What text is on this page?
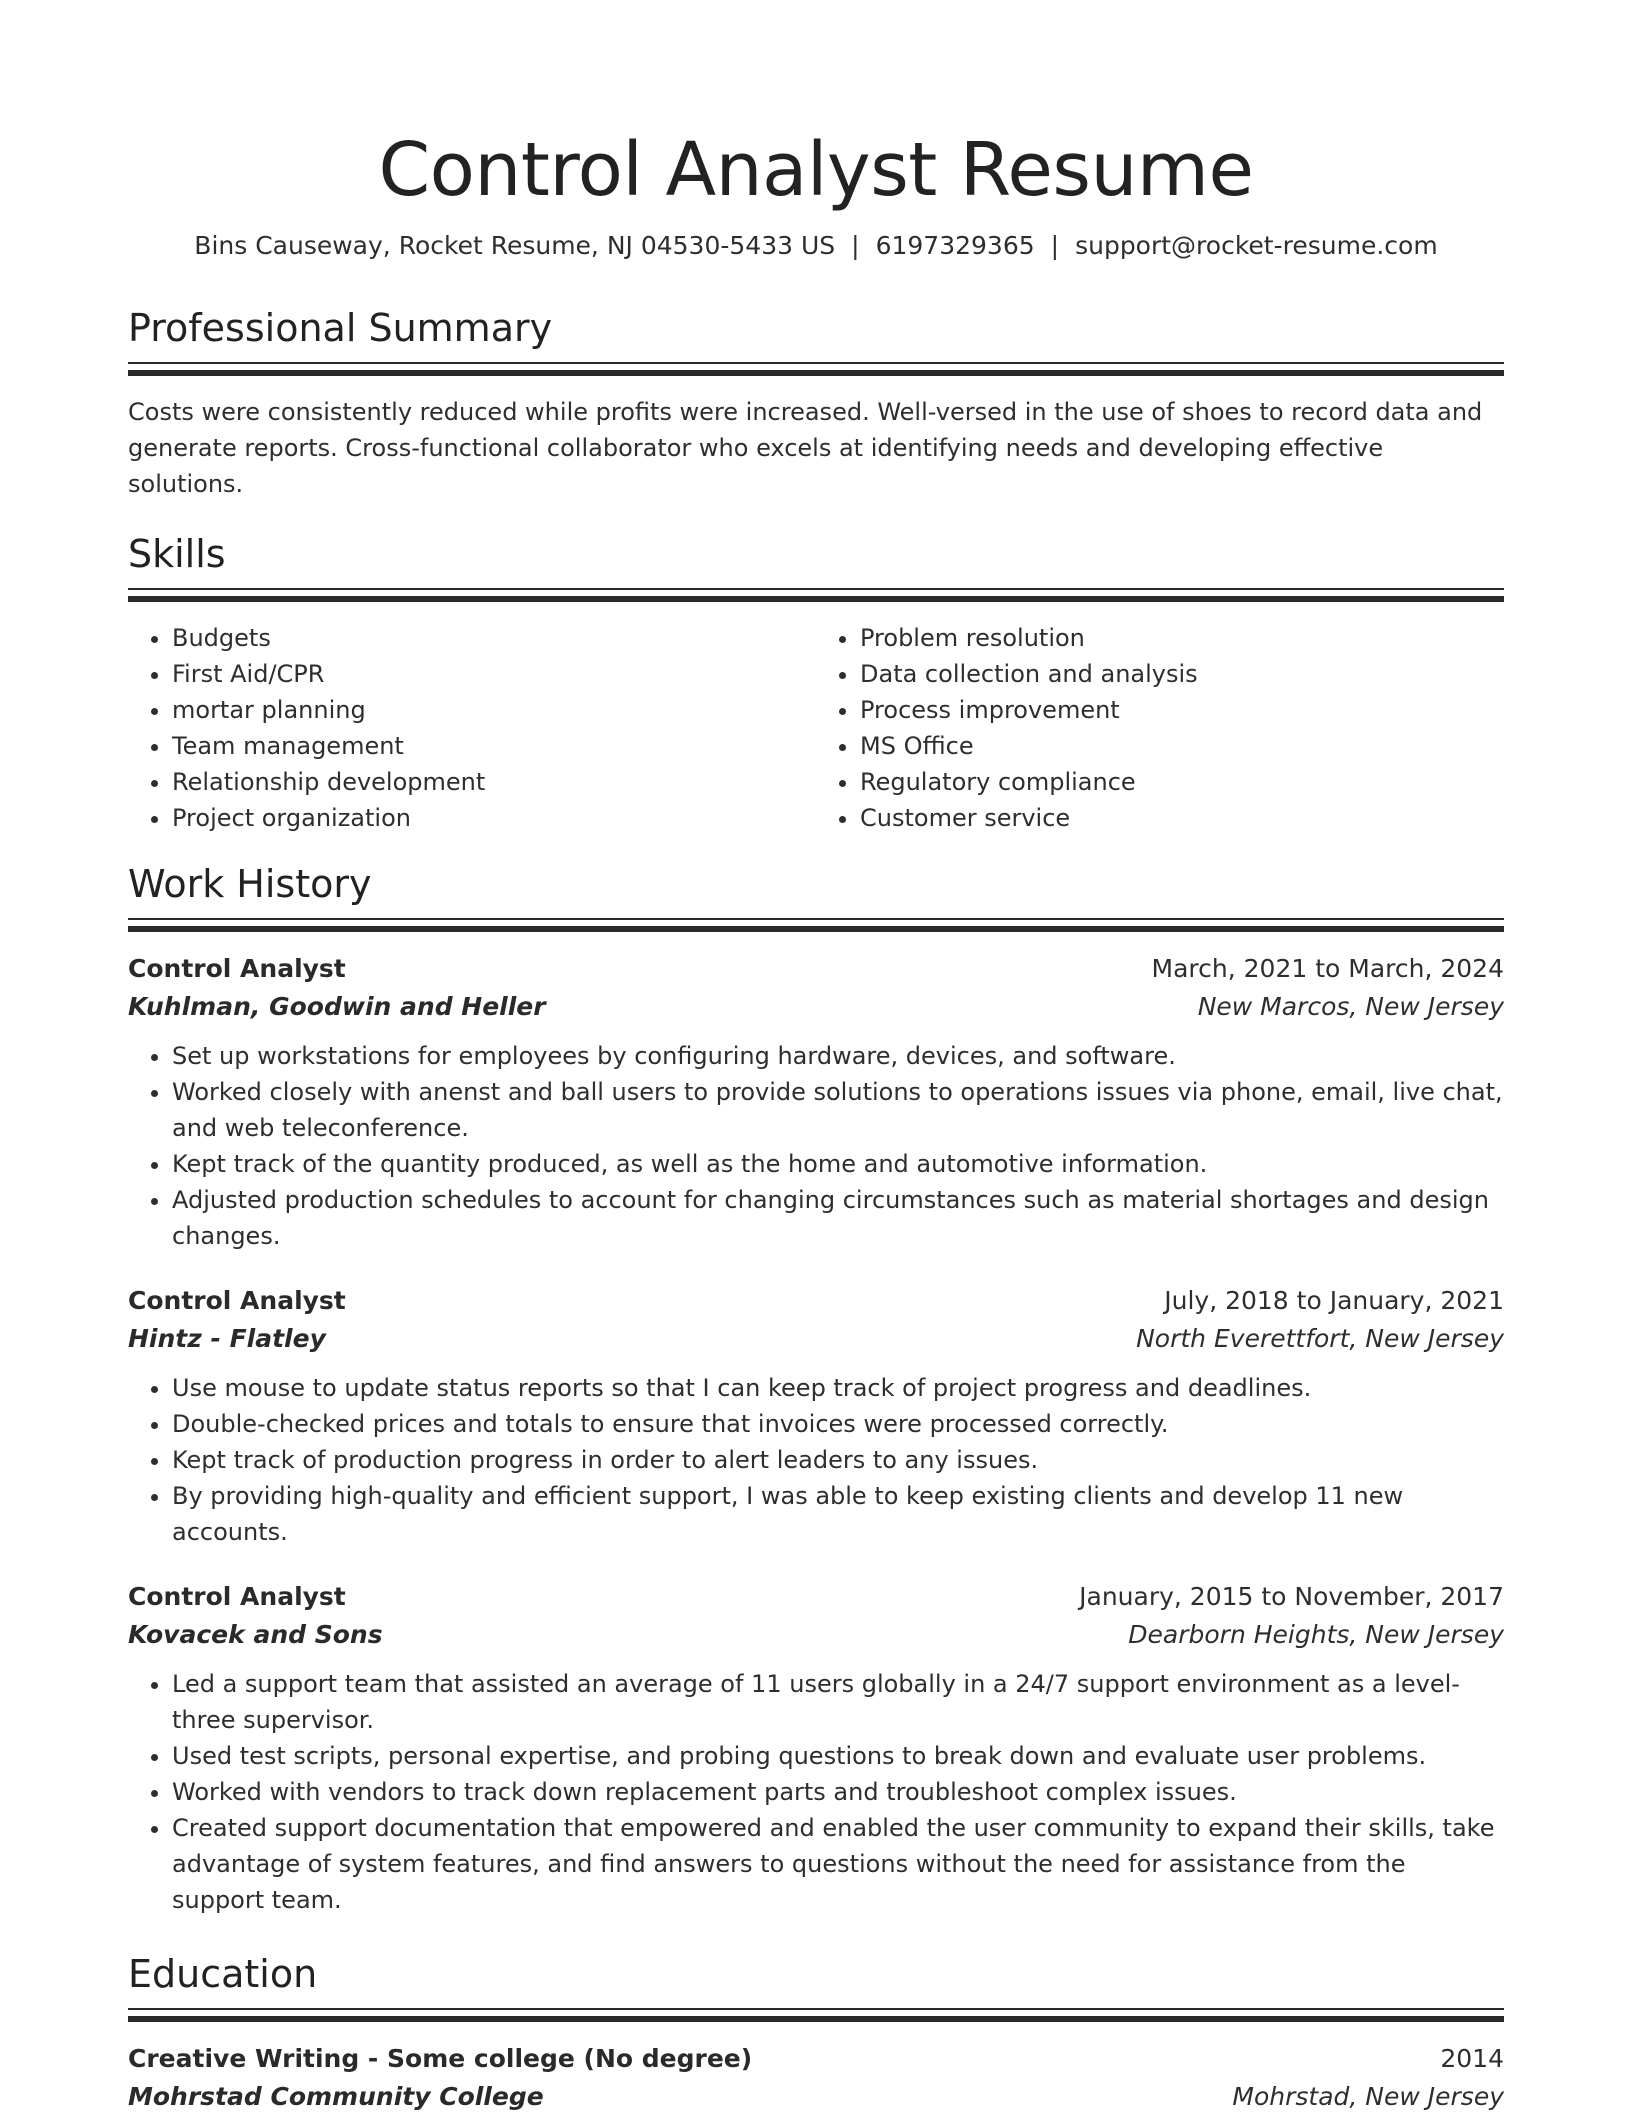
Control Analyst Resume
Bins Causeway, Rocket Resume, NJ 04530-5433 US | 6197329365 | support@rocket-resume.com
Professional Summary

Costs were consistently reduced while profits were increased. Well-versed in the use of shoes to record data and generate reports. Cross-functional collaborator who excels at identifying needs and developing effective solutions.

Skills
• Budgets
• First Aid/CPR
• mortar planning
• Team management
• Relationship development
• Project organization
• Problem resolution
• Data collection and analysis
• Process improvement
• MS Office
• Regulatory compliance
• Customer service
Work History
Control Analyst	March, 2021 to March, 2024
Kuhlman, Goodwin and Heller	New Marcos, New Jersey
• Set up workstations for employees by configuring hardware, devices, and software.
• Worked closely with anenst and ball users to provide solutions to operations issues via phone, email, live chat, and web teleconference.
• Kept track of the quantity produced, as well as the home and automotive information.
• Adjusted production schedules to account for changing circumstances such as material shortages and design changes.
Control Analyst	July, 2018 to January, 2021
Hintz - Flatley	North Everettfort, New Jersey
• Use mouse to update status reports so that I can keep track of project progress and deadlines.
• Double-checked prices and totals to ensure that invoices were processed correctly.
• Kept track of production progress in order to alert leaders to any issues.
• By providing high-quality and efficient support, I was able to keep existing clients and develop 11 new accounts.
Control Analyst	January, 2015 to November, 2017
Kovacek and Sons	Dearborn Heights, New Jersey
• Led a support team that assisted an average of 11 users globally in a 24/7 support environment as a level-three supervisor.
• Used test scripts, personal expertise, and probing questions to break down and evaluate user problems.
• Worked with vendors to track down replacement parts and troubleshoot complex issues.
• Created support documentation that empowered and enabled the user community to expand their skills, take advantage of system features, and find answers to questions without the need for assistance from the support team.
Education
Creative Writing - Some college (No degree)	2014
Mohrstad Community College	Mohrstad, New Jersey
